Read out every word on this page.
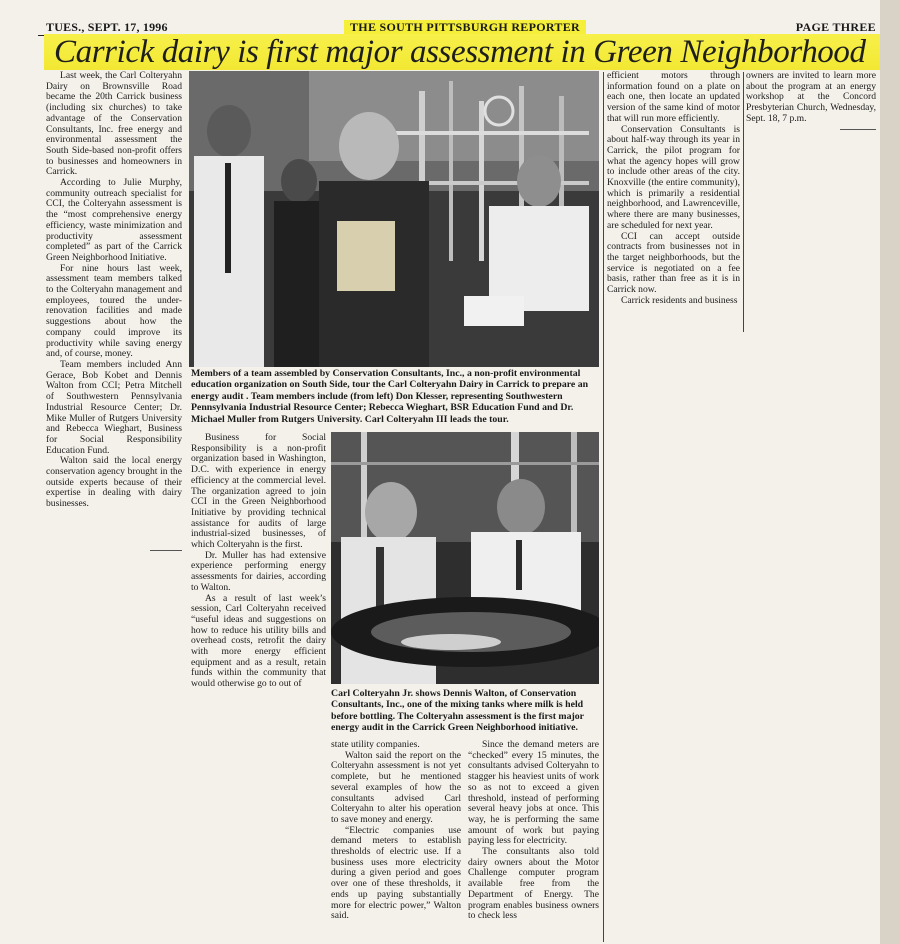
TUES., SEPT. 17, 1996	THE SOUTH PITTSBURGH REPORTER	PAGE THREE
Carrick dairy is first major assessment in Green Neighborhood

Last week, the Carl Colteryahn Dairy on Brownsville Road became the 20th Carrick business (including six churches) to take advantage of the Conservation Consultants, Inc. free energy and environmental assessment the South Side-based non-profit offers to businesses and homeowners in Carrick.

According to Julie Murphy, community outreach specialist for CCI, the Colteryahn assessment is the “most comprehensive energy efficiency, waste minimization and productivity assessment completed” as part of the Carrick Green Neighborhood Initiative.

For nine hours last week, assessment team members talked to the Colteryahn management and employees, toured the under-renovation facilities and made suggestions about how the company could improve its productivity while saving energy and, of course, money.

Team members included Ann Gerace, Bob Kobet and Dennis Walton from CCI; Petra Mitchell of Southwestern Pennsylvania Industrial Resource Center; Dr. Mike Muller of Rutgers University and Rebecca Wieghart, Business for Social Responsibility Education Fund.

Walton said the local energy conservation agency brought in the outside experts because of their expertise in dealing with dairy businesses.

Members of a team assembled by Conservation Consultants, Inc., a non-profit environmental education organization on South Side, tour the Carl Colteryahn Dairy in Carrick to prepare an energy audit . Team members include (from left) Don Klesser, representing Southwestern Pennsylvania Industrial Resource Center; Rebecca Wieghart, BSR Education Fund and Dr. Michael Muller from Rutgers University. Carl Colteryahn III leads the tour.

Business for Social Responsibility is a non-profit organization based in Washington, D.C. with experience in energy efficiency at the commercial level. The organization agreed to join CCI in the Green Neighborhood Initiative by providing technical assistance for audits of large industrial-sized businesses, of which Colteryahn is the first.

Dr. Muller has had extensive experience performing energy assessments for dairies, according to Walton.

As a result of last week’s session, Carl Colteryahn received “useful ideas and suggestions on how to reduce his utility bills and overhead costs, retrofit the dairy with more energy efficient equipment and as a result, retain funds within the community that would otherwise go to out of

Carl Colteryahn Jr. shows Dennis Walton, of Conservation Consultants, Inc., one of the mixing tanks where milk is held before bottling. The Colteryahn assessment is the first major energy audit in the Carrick Green Neighborhood initiative.

state utility companies.

Walton said the report on the Colteryahn assessment is not yet complete, but he mentioned several examples of how the consultants advised Carl Colteryahn to alter his operation to save money and energy.

“Electric companies use demand meters to establish thresholds of electric use. If a business uses more electricity during a given period and goes over one of these thresholds, it ends up paying substantially more for electric power,” Walton said.

Since the demand meters are “checked” every 15 minutes, the consultants advised Colteryahn to stagger his heaviest units of work so as not to exceed a given threshold, instead of performing several heavy jobs at once. This way, he is performing the same amount of work but paying paying less for electricity.

The consultants also told dairy owners about the Motor Challenge computer program available free from the Department of Energy. The program enables business owners to check less

efficient motors through information found on a plate on each one, then locate an updated version of the same kind of motor that will run more efficiently.

Conservation Consultants is about half-way through its year in Carrick, the pilot program for what the agency hopes will grow to include other areas of the city. Knoxville (the entire community), which is primarily a residential neighborhood, and Lawrenceville, where there are many businesses, are scheduled for next year.

CCI can accept outside contracts from businesses not in the target neighborhoods, but the service is negotiated on a fee basis, rather than free as it is in Carrick now.

Carrick residents and business

owners are invited to learn more about the program at an energy workshop at the Concord Presbyterian Church, Wednesday, Sept. 18, 7 p.m.
